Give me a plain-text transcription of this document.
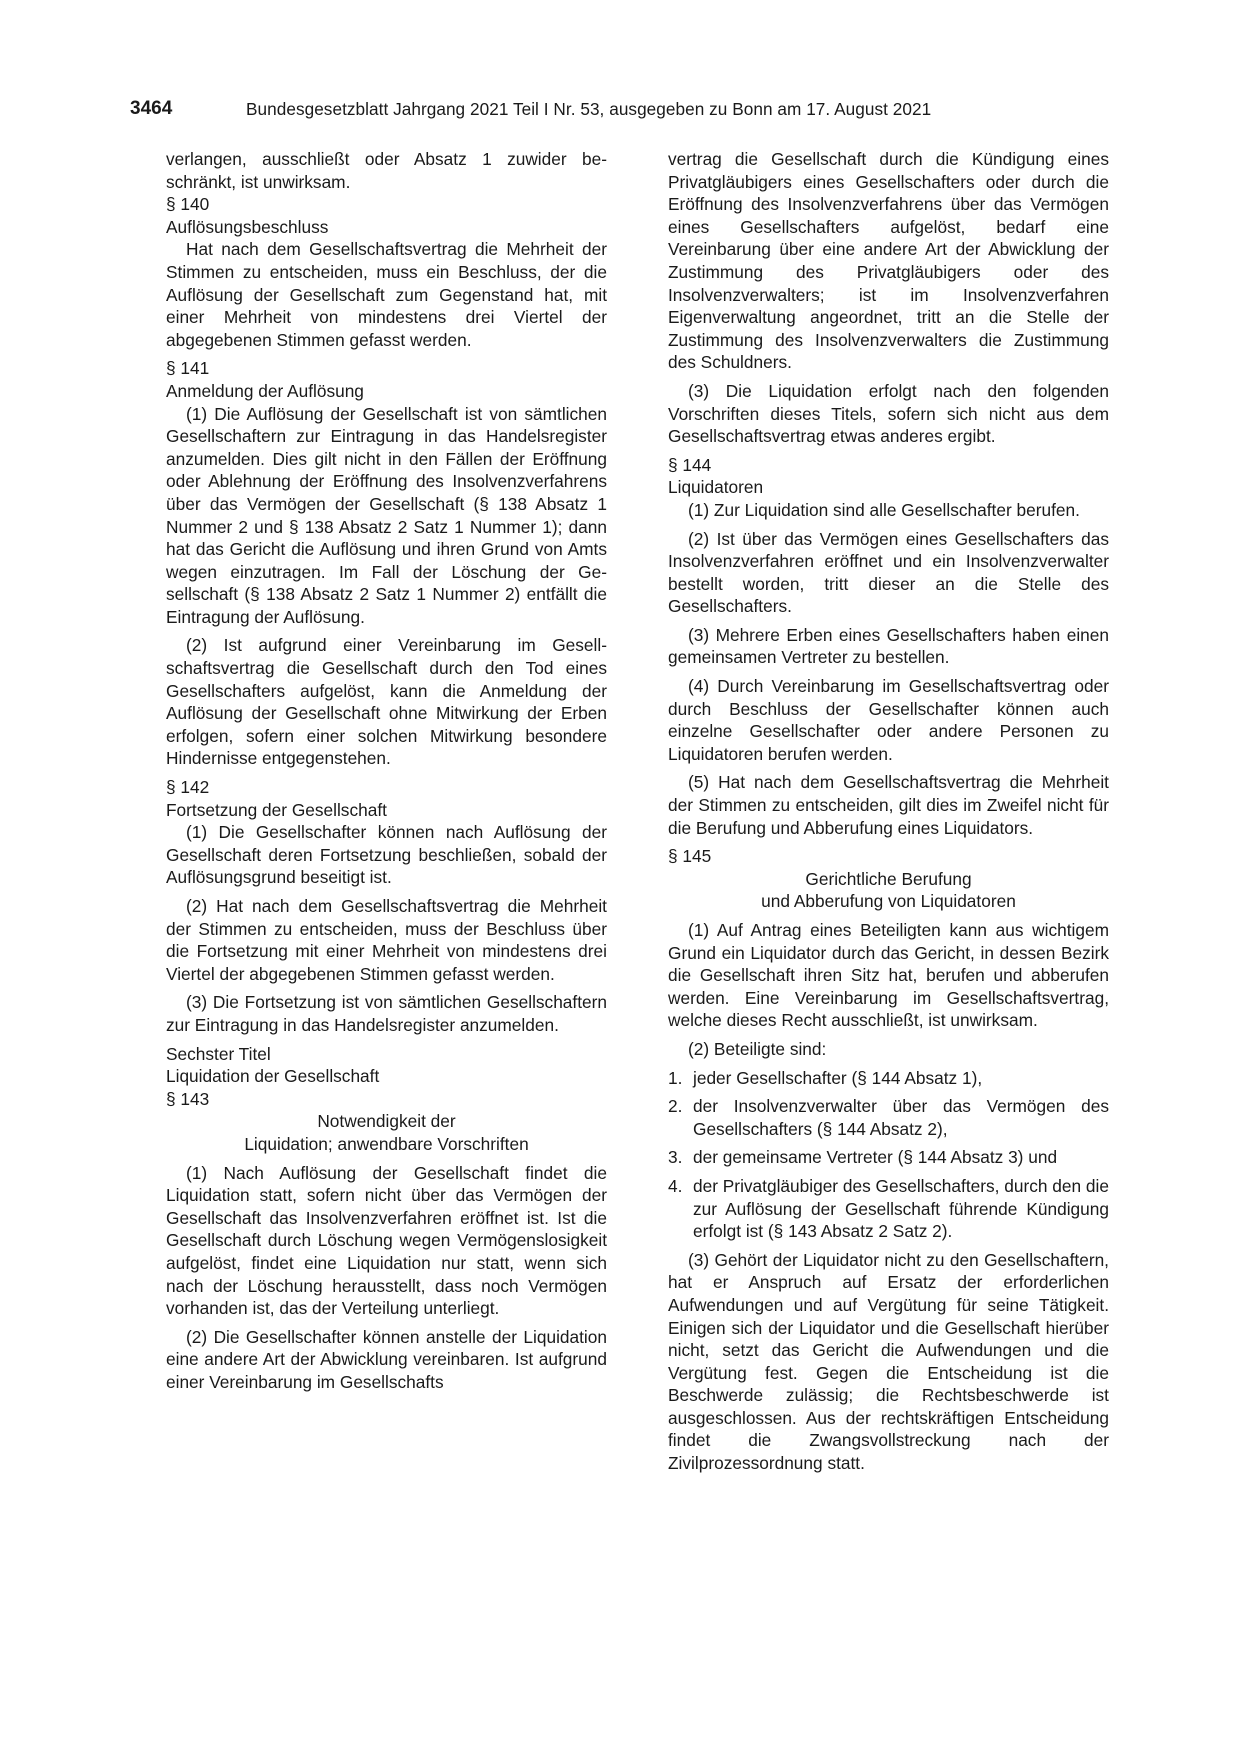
3464	Bundesgesetzblatt Jahrgang 2021 Teil I Nr. 53, ausgegeben zu Bonn am 17. August 2021

verlangen, ausschließt oder Absatz 1 zuwider beschränkt, ist unwirksam.

§ 140

Auflösungsbeschluss

Hat nach dem Gesellschaftsvertrag die Mehrheit der Stimmen zu entscheiden, muss ein Beschluss, der die Auflösung der Gesellschaft zum Gegenstand hat, mit einer Mehrheit von mindestens drei Viertel der abgegebenen Stimmen gefasst werden.

§ 141

Anmeldung der Auflösung

(1) Die Auflösung der Gesellschaft ist von sämtlichen Gesellschaftern zur Eintragung in das Handelsregister anzumelden. Dies gilt nicht in den Fällen der Eröffnung oder Ablehnung der Eröffnung des Insolvenzverfahrens über das Vermögen der Gesellschaft (§ 138 Absatz 1 Nummer 2 und § 138 Absatz 2 Satz 1 Nummer 1); dann hat das Gericht die Auflösung und ihren Grund von Amts wegen einzutragen. Im Fall der Löschung der Gesellschaft (§ 138 Absatz 2 Satz 1 Nummer 2) entfällt die Eintragung der Auflösung.

(2) Ist aufgrund einer Vereinbarung im Gesellschaftsvertrag die Gesellschaft durch den Tod eines Gesellschafters aufgelöst, kann die Anmeldung der Auflösung der Gesellschaft ohne Mitwirkung der Erben erfolgen, sofern einer solchen Mitwirkung besondere Hindernisse entgegenstehen.

§ 142

Fortsetzung der Gesellschaft

(1) Die Gesellschafter können nach Auflösung der Gesellschaft deren Fortsetzung beschließen, sobald der Auflösungsgrund beseitigt ist.

(2) Hat nach dem Gesellschaftsvertrag die Mehrheit der Stimmen zu entscheiden, muss der Beschluss über die Fortsetzung mit einer Mehrheit von mindestens drei Viertel der abgegebenen Stimmen gefasst werden.

(3) Die Fortsetzung ist von sämtlichen Gesellschaftern zur Eintragung in das Handelsregister anzumelden.

Sechster Titel

Liquidation der Gesellschaft

§ 143

Notwendigkeit der
Liquidation; anwendbare Vorschriften

(1) Nach Auflösung der Gesellschaft findet die Liquidation statt, sofern nicht über das Vermögen der Gesellschaft das Insolvenzverfahren eröffnet ist. Ist die Gesellschaft durch Löschung wegen Vermögenslosigkeit aufgelöst, findet eine Liquidation nur statt, wenn sich nach der Löschung herausstellt, dass noch Vermögen vorhanden ist, das der Verteilung unterliegt.

(2) Die Gesellschafter können anstelle der Liquidation eine andere Art der Abwicklung vereinbaren. Ist aufgrund einer Vereinbarung im Gesellschafts

vertrag die Gesellschaft durch die Kündigung eines Privatgläubigers eines Gesellschafters oder durch die Eröffnung des Insolvenzverfahrens über das Vermögen eines Gesellschafters aufgelöst, bedarf eine Vereinbarung über eine andere Art der Abwicklung der Zustimmung des Privatgläubigers oder des Insolvenzverwalters; ist im Insolvenzverfahren Eigenverwaltung angeordnet, tritt an die Stelle der Zustimmung des Insolvenzverwalters die Zustimmung des Schuldners.

(3) Die Liquidation erfolgt nach den folgenden Vorschriften dieses Titels, sofern sich nicht aus dem Gesellschaftsvertrag etwas anderes ergibt.

§ 144

Liquidatoren

(1) Zur Liquidation sind alle Gesellschafter berufen.

(2) Ist über das Vermögen eines Gesellschafters das Insolvenzverfahren eröffnet und ein Insolvenzverwalter bestellt worden, tritt dieser an die Stelle des Gesellschafters.

(3) Mehrere Erben eines Gesellschafters haben einen gemeinsamen Vertreter zu bestellen.

(4) Durch Vereinbarung im Gesellschaftsvertrag oder durch Beschluss der Gesellschafter können auch einzelne Gesellschafter oder andere Personen zu Liquidatoren berufen werden.

(5) Hat nach dem Gesellschaftsvertrag die Mehrheit der Stimmen zu entscheiden, gilt dies im Zweifel nicht für die Berufung und Abberufung eines Liquidators.

§ 145

Gerichtliche Berufung
und Abberufung von Liquidatoren

(1) Auf Antrag eines Beteiligten kann aus wichtigem Grund ein Liquidator durch das Gericht, in dessen Bezirk die Gesellschaft ihren Sitz hat, berufen und abberufen werden. Eine Vereinbarung im Gesellschaftsvertrag, welche dieses Recht ausschließt, ist unwirksam.

(2) Beteiligte sind:

1. jeder Gesellschafter (§ 144 Absatz 1),
2. der Insolvenzverwalter über das Vermögen des Gesellschafters (§ 144 Absatz 2),
3. der gemeinsame Vertreter (§ 144 Absatz 3) und
4. der Privatgläubiger des Gesellschafters, durch den die zur Auflösung der Gesellschaft führende Kündigung erfolgt ist (§ 143 Absatz 2 Satz 2).

(3) Gehört der Liquidator nicht zu den Gesellschaftern, hat er Anspruch auf Ersatz der erforderlichen Aufwendungen und auf Vergütung für seine Tätigkeit. Einigen sich der Liquidator und die Gesellschaft hierüber nicht, setzt das Gericht die Aufwendungen und die Vergütung fest. Gegen die Entscheidung ist die Beschwerde zulässig; die Rechtsbeschwerde ist ausgeschlossen. Aus der rechtskräftigen Entscheidung findet die Zwangsvollstreckung nach der Zivilprozessordnung statt.
